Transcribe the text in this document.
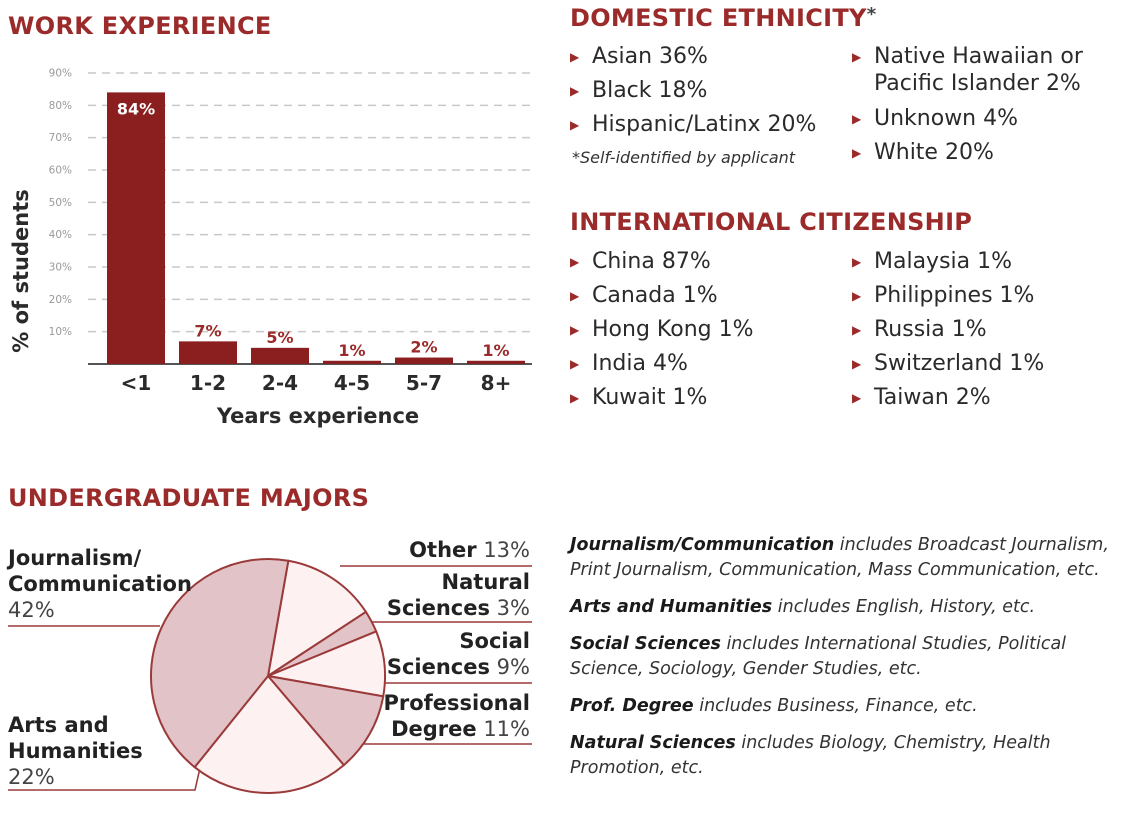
WORK EXPERIENCE
% of students
Years experience
10%
20%
30%
40%
50%
60%
70%
80%
90%
84%
7%	5%
1%	2%	1%
<1 1-2 2-4 4-5 5-7 8+
DOMESTIC ETHNICITY*
▶ Asian 36%
▶ Black 18%
▶ Hispanic/Latinx 20%
*Self-identified by applicant
▶ Native Hawaiian or
Pacific Islander 2%
▶ Unknown 4%
▶ White 20%
INTERNATIONAL CITIZENSHIP
▶ China 87%
▶ Canada 1%
▶ Hong Kong 1%
▶ India 4%
▶ Kuwait 1%
▶ Malaysia 1%
▶ Philippines 1%
▶ Russia 1%
▶ Switzerland 1%
▶ Taiwan 2%
UNDERGRADUATE MAJORS
Journalism/
Communication
42%
Arts and
Humanities
22%
Other 13%
Natural
Sciences 3%
Social
Sciences 9%
Professional
Degree 11%
Journalism/Communication includes Broadcast Journalism, Print Journalism, Communication, Mass Communication, etc.
Arts and Humanities includes English, History, etc.
Social Sciences includes International Studies, Political Science, Sociology, Gender Studies, etc.
Prof. Degree includes Business, Finance, etc.
Natural Sciences includes Biology, Chemistry, Health Promotion, etc.
